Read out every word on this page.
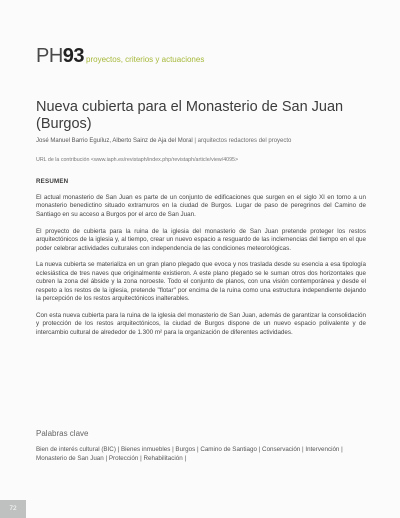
PH 93 proyectos, criterios y actuaciones
Nueva cubierta para el Monasterio de San Juan (Burgos)
José Manuel Barrio Eguíluz, Alberto Sainz de Aja del Moral | arquitectos redactores del proyecto
URL de la contribución <www.iaph.es/revistaph/index.php/revistaph/article/view/4095>
RESUMEN

El actual monasterio de San Juan es parte de un conjunto de edificaciones que surgen en el siglo XI en torno a un monasterio benedictino situado extramuros en la ciudad de Burgos. Lugar de paso de peregrinos del Camino de Santiago en su acceso a Burgos por el arco de San Juan.

El proyecto de cubierta para la ruina de la iglesia del monasterio de San Juan pretende proteger los restos arquitectónicos de la iglesia y, al tiempo, crear un nuevo espacio a resguardo de las inclemencias del tiempo en el que poder celebrar actividades culturales con independencia de las condiciones meteorológicas.

La nueva cubierta se materializa en un gran plano plegado que evoca y nos traslada desde su esencia a esa tipología eclesiástica de tres naves que originalmente existieron. A este plano plegado se le suman otros dos horizontales que cubren la zona del ábside y la zona noroeste. Todo el conjunto de planos, con una visión contemporánea y desde el respeto a los restos de la iglesia, pretende "flotar" por encima de la ruina como una estructura independiente dejando la percepción de los restos arquitectónicos inalterables.

Con esta nueva cubierta para la ruina de la iglesia del monasterio de San Juan, además de garantizar la consolidación y protección de los restos arquitectónicos, la ciudad de Burgos dispone de un nuevo espacio polivalente y de intercambio cultural de alrededor de 1.300 m² para la organización de diferentes actividades.

Palabras clave
Bien de interés cultural (BIC) | Bienes inmuebles | Burgos | Camino de Santiago | Conservación | Intervención | Monasterio de San Juan | Protección | Rehabilitación |
72
